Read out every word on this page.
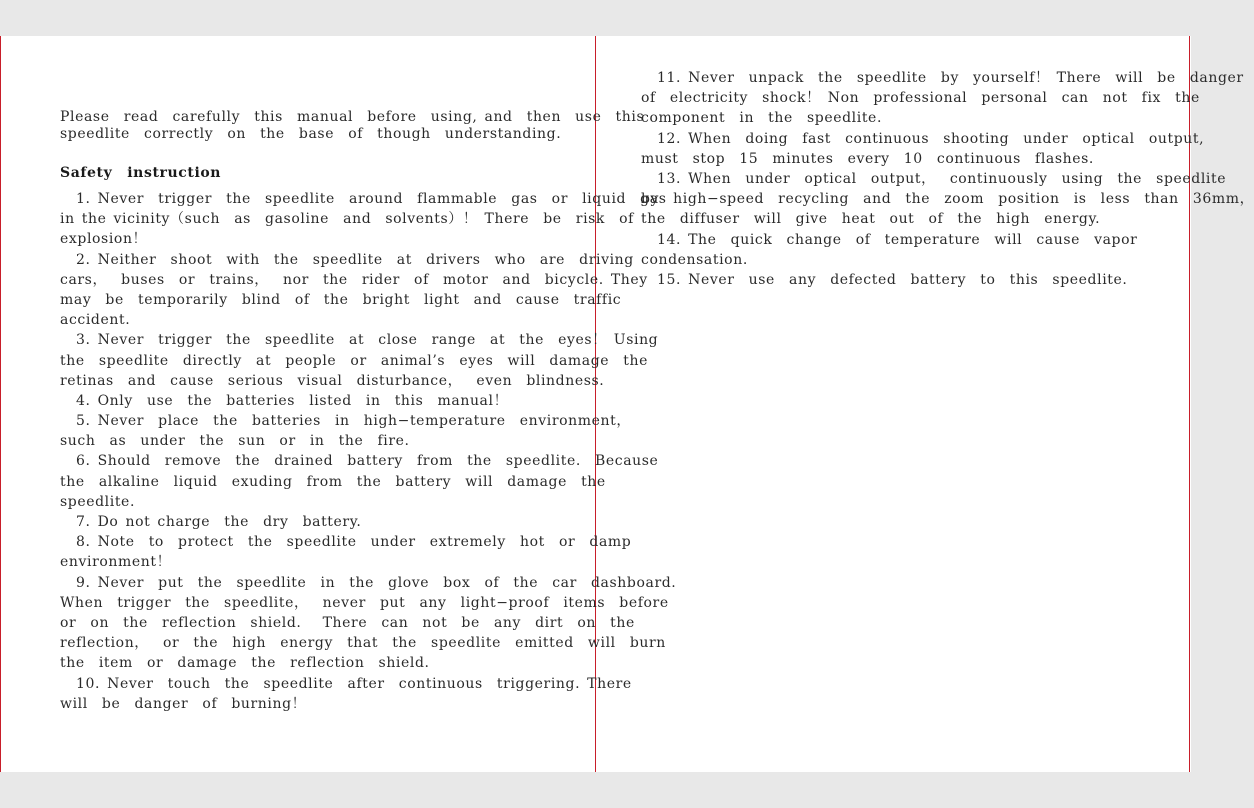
Please  read  carefully  this  manual  before  using, and  then  use  this
speedlite  correctly  on  the  base  of  though  understanding.
Safety  instruction
1. Never  trigger  the  speedlite  around  flammable  gas  or  liquid  gas
in the vicinity（such  as  gasoline  and  solvents）！ There  be  risk  of
explosion！
2. Neither  shoot  with  the  speedlite  at  drivers  who  are  driving
cars，  buses  or  trains，  nor  the  rider  of  motor  and  bicycle. They
may  be  temporarily  blind  of  the  bright  light  and  cause  traffic
accident.
3. Never  trigger  the  speedlite  at  close  range  at  the  eyes！ Using
the  speedlite  directly  at  people  or  animal’s  eyes  will  damage  the
retinas  and  cause  serious  visual  disturbance，  even  blindness.
4. Only  use  the  batteries  listed  in  this  manual！
5. Never  place  the  batteries  in  high−temperature  environment，
such  as  under  the  sun  or  in  the  fire.
6. Should  remove  the  drained  battery  from  the  speedlite.  Because
the  alkaline  liquid  exuding  from  the  battery  will  damage  the
speedlite.
7. Do not charge  the  dry  battery.
8. Note  to  protect  the  speedlite  under  extremely  hot  or  damp
environment！
9. Never  put  the  speedlite  in  the  glove  box  of  the  car  dashboard.
When  trigger  the  speedlite，  never  put  any  light−proof  items  before
or  on  the  reflection  shield.   There  can  not  be  any  dirt  on  the
reflection，  or  the  high  energy  that  the  speedlite  emitted  will  burn
the  item  or  damage  the  reflection  shield.
10. Never  touch  the  speedlite  after  continuous  triggering. There
will  be  danger  of  burning！
11. Never  unpack  the  speedlite  by  yourself！ There  will  be  danger
of  electricity  shock！ Non  professional  personal  can  not  fix  the
component  in  the  speedlite.
12. When  doing  fast  continuous  shooting  under  optical  output,
must  stop  15  minutes  every  10  continuous  flashes.
13. When  under  optical  output，  continuously  using  the  speedlite
by  high−speed  recycling  and  the  zoom  position  is  less  than  36mm，
the  diffuser  will  give  heat  out  of  the  high  energy.
14. The  quick  change  of  temperature  will  cause  vapor
condensation.
15. Never  use  any  defected  battery  to  this  speedlite.
